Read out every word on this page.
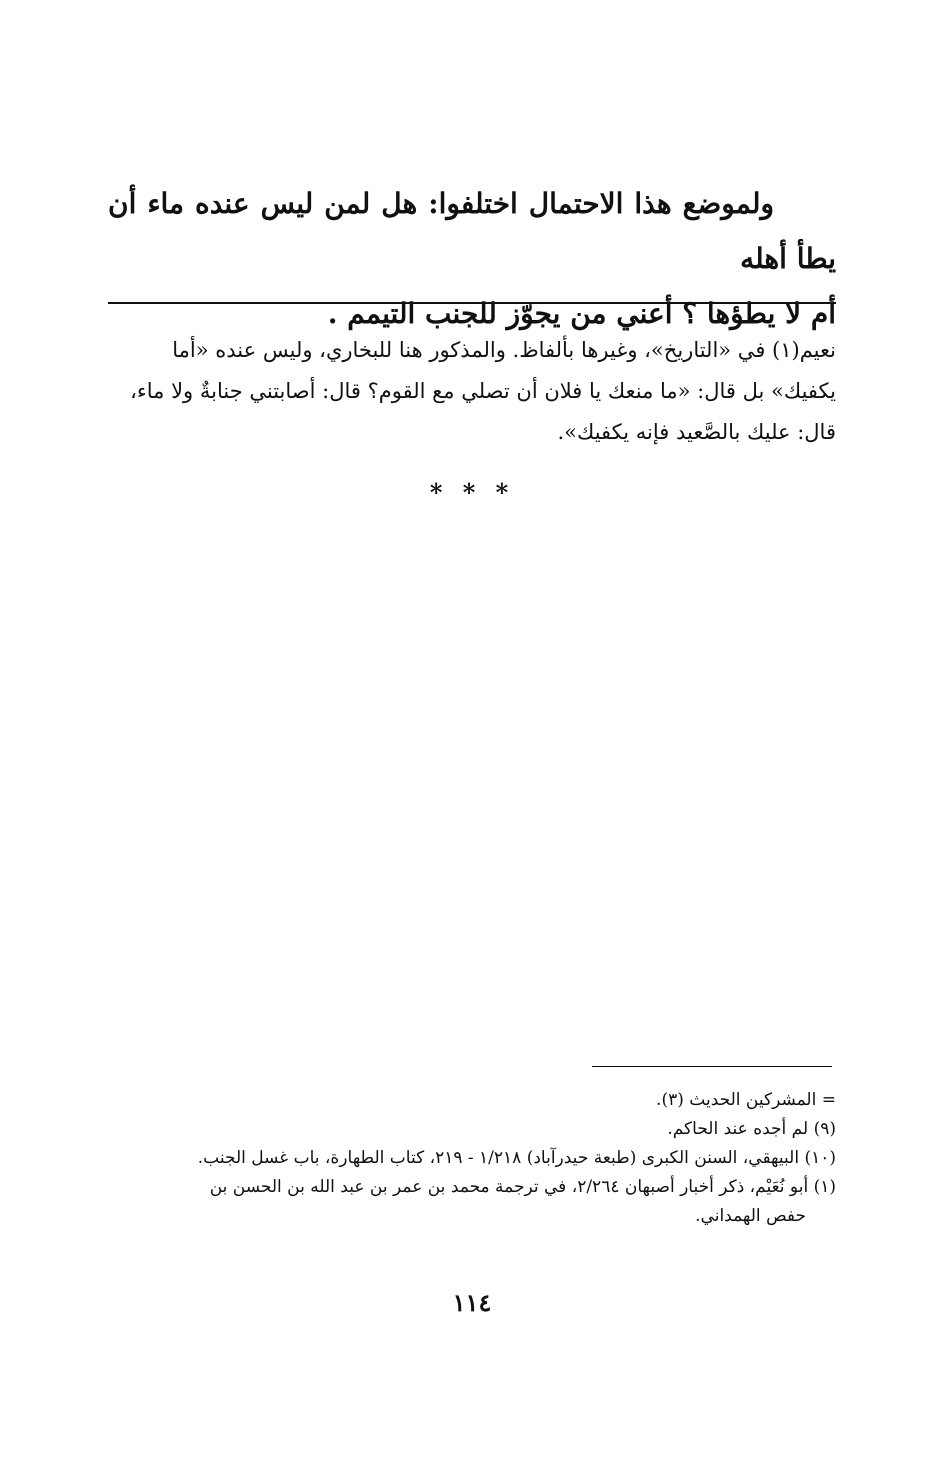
ولموضع هذا الاحتمال اختلفوا: هل لمن ليس عنده ماء أن يطأ أهله

أم لا يطؤها ؟ أعني من يجوّز للجنب التيمم .

نعيم(١) في «التاريخ»، وغيرها بألفاظ. والمذكور هنا للبخاري، وليس عنده «أما

يكفيك» بل قال: «ما منعك يا فلان أن تصلي مع القوم؟ قال: أصابتني جنابةٌ ولا ماء،

قال: عليك بالصَّعيد فإنه يكفيك».

* * *

= المشركين الحديث (٣).

(٩) لم أجده عند الحاكم.

(١٠) البيهقي، السنن الكبرى (طبعة حيدرآباد) ١/٢١٨ - ٢١٩، كتاب الطهارة، باب غسل الجنب.

(١) أبو نُعَيْم، ذكر أخبار أصبهان ٢/٢٦٤، في ترجمة محمد بن عمر بن عبد الله بن الحسن بن

حفص الهمداني.

١١٤
